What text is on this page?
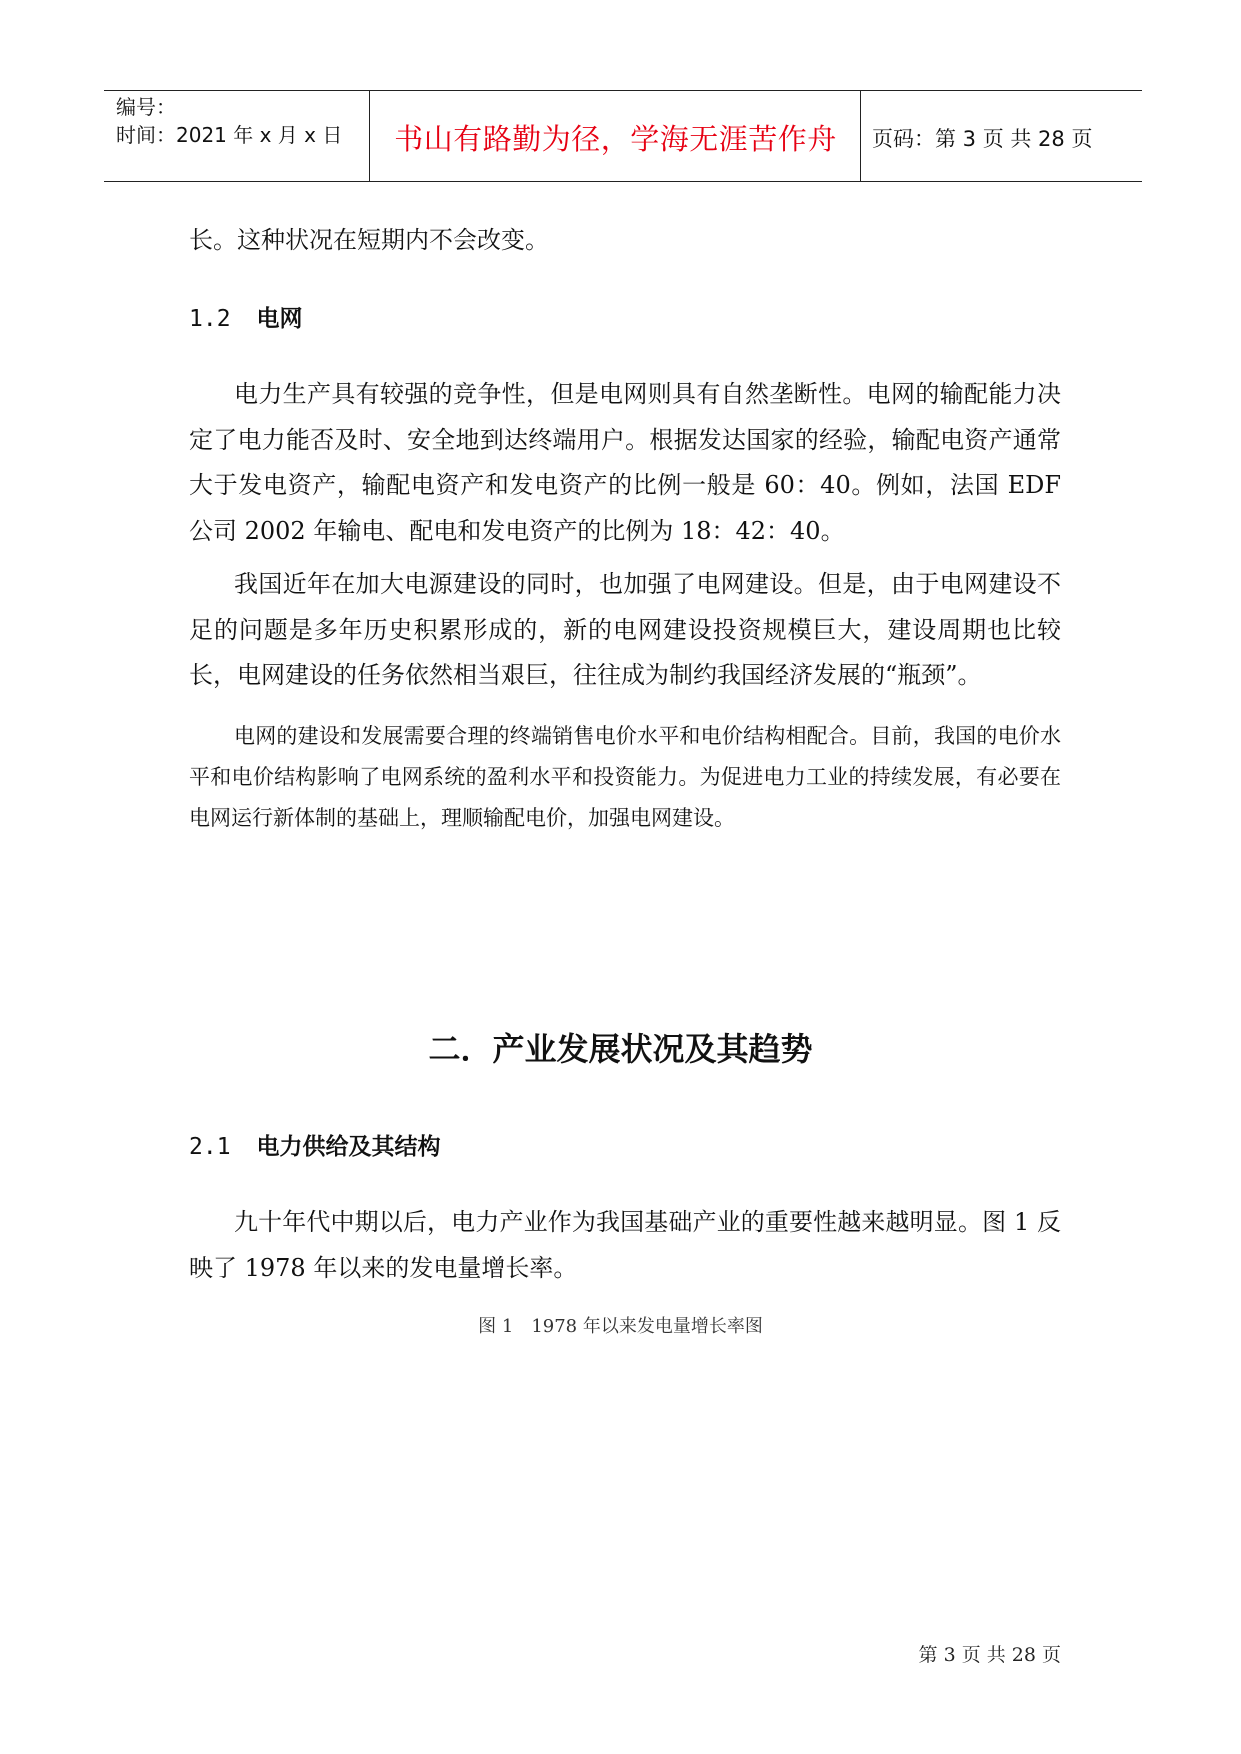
编号：
时间：2021 年 x 月 x 日	书山有路勤为径，学海无涯苦作舟	页码：第 3 页 共 28 页
长。这种状况在短期内不会改变。
1.2 电网
电力生产具有较强的竞争性，但是电网则具有自然垄断性。电网的输配能力决定了电力能否及时、安全地到达终端用户。根据发达国家的经验，输配电资产通常大于发电资产，输配电资产和发电资产的比例一般是 60：40。例如，法国 EDF 公司 2002 年输电、配电和发电资产的比例为 18：42：40。
我国近年在加大电源建设的同时，也加强了电网建设。但是，由于电网建设不足的问题是多年历史积累形成的，新的电网建设投资规模巨大，建设周期也比较长，电网建设的任务依然相当艰巨，往往成为制约我国经济发展的“瓶颈”。
电网的建设和发展需要合理的终端销售电价水平和电价结构相配合。目前，我国的电价水平和电价结构影响了电网系统的盈利水平和投资能力。为促进电力工业的持续发展，有必要在电网运行新体制的基础上，理顺输配电价，加强电网建设。
二．产业发展状况及其趋势
2.1 电力供给及其结构
九十年代中期以后，电力产业作为我国基础产业的重要性越来越明显。图 1 反映了 1978 年以来的发电量增长率。
图 1　1978 年以来发电量增长率图
第 3 页 共 28 页
